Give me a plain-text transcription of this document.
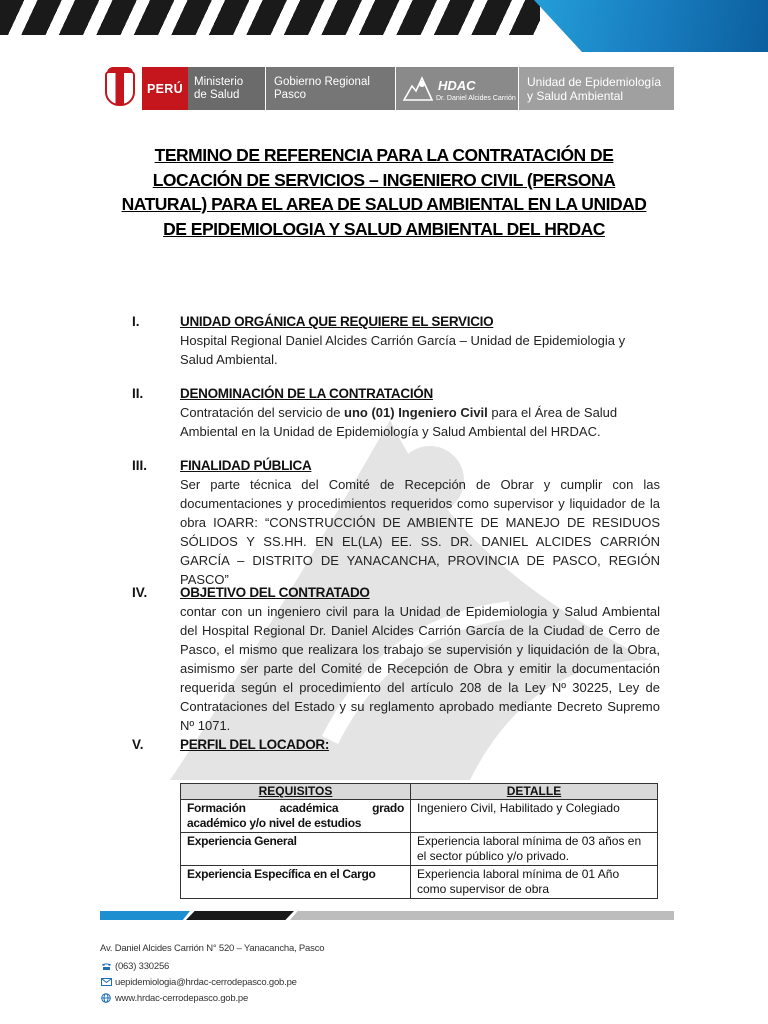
PERÚ Ministerio
de Salud
Gobierno Regional
Pasco
HDAC
Dr. Daniel Alcides Carrión
Unidad de Epidemiología
y Salud Ambiental
TERMINO DE REFERENCIA PARA LA CONTRATACIÓN DE LOCACIÓN DE SERVICIOS – INGENIERO CIVIL (PERSONA NATURAL) PARA EL AREA DE SALUD AMBIENTAL EN LA UNIDAD DE EPIDEMIOLOGIA Y SALUD AMBIENTAL DEL HRDAC
I.	UNIDAD ORGÁNICA QUE REQUIERE EL SERVICIO
Hospital Regional Daniel Alcides Carrión García – Unidad de Epidemiologia y Salud Ambiental.
II.	DENOMINACIÓN DE LA CONTRATACIÓN
Contratación del servicio de uno (01) Ingeniero Civil para el Área de Salud Ambiental en la Unidad de Epidemiología y Salud Ambiental del HRDAC.
III. FINALIDAD PÚBLICA
Ser parte técnica del Comité de Recepción de Obrar y cumplir con las documentaciones y procedimientos requeridos como supervisor y liquidador de la obra IOARR: “CONSTRUCCIÓN DE AMBIENTE DE MANEJO DE RESIDUOS SÓLIDOS Y SS.HH. EN EL(LA) EE. SS. DR. DANIEL ALCIDES CARRIÓN GARCÍA – DISTRITO DE YANACANCHA, PROVINCIA DE PASCO, REGIÓN PASCO”
IV. OBJETIVO DEL CONTRATADO
contar con un ingeniero civil para la Unidad de Epidemiologia y Salud Ambiental del Hospital Regional Dr. Daniel Alcides Carrión García de la Ciudad de Cerro de Pasco, el mismo que realizara los trabajo se supervisión y liquidación de la Obra, asimismo ser parte del Comité de Recepción de Obra y emitir la documentación requerida según el procedimiento del artículo 208 de la Ley Nº 30225, Ley de Contrataciones del Estado y su reglamento aprobado mediante Decreto Supremo Nº 1071.
V.	PERFIL DEL LOCADOR:
REQUISITOS	DETALLE
Formación académica grado académico y/o nivel de estudios	Ingeniero Civil, Habilitado y Colegiado
Experiencia General	Experiencia laboral mínima de 03 años en el sector público y/o privado.
Experiencia Específica en el Cargo	Experiencia laboral mínima de 01 Año como supervisor de obra
Av. Daniel Alcides Carrión N° 520 – Yanacancha, Pasco
(063) 330256
uepidemiologia@hrdac-cerrodepasco.gob.pe
www.hrdac-cerrodepasco.gob.pe
